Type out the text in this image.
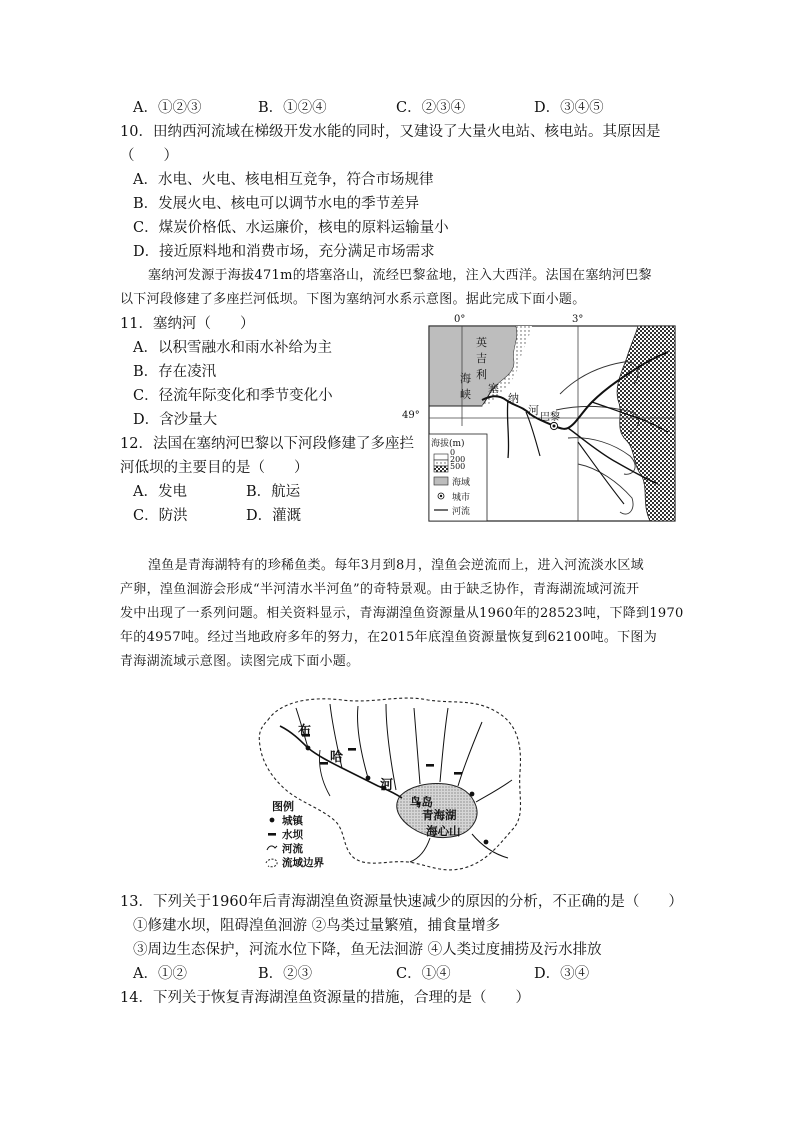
A．①②③	B．①②④	C．②③④	D．③④⑤
10．田纳西河流域在梯级开发水能的同时，又建设了大量火电站、核电站。其原因是
（　　）
A．水电、火电、核电相互竞争，符合市场规律
B．发展火电、核电可以调节水电的季节差异
C．煤炭价格低、水运廉价，核电的原料运输量小
D．接近原料地和消费市场，充分满足市场需求
塞纳河发源于海拔471m的塔塞洛山，流经巴黎盆地，注入大西洋。法国在塞纳河巴黎
以下河段修建了多座拦河低坝。下图为塞纳河水系示意图。据此完成下面小题。
11．塞纳河（　　）
A．以积雪融水和雨水补给为主
B．存在凌汛
C．径流年际变化和季节变化小
D．含沙量大
12．法国在塞纳河巴黎以下河段修建了多座拦
河低坝的主要目的是（　　）
A．发电	B．航运
C．防洪	D．灌溉
0°	3°
49°
英
吉
利
海
峡 塞
纳
河
巴黎
海拔(m)
0
200
500
海域
城市
河流
湟鱼是青海湖特有的珍稀鱼类。每年3月到8月，湟鱼会逆流而上，进入河流淡水区域
产卵，湟鱼洄游会形成“半河清水半河鱼”的奇特景观。由于缺乏协作，青海湖流域河流开
发中出现了一系列问题。相关资料显示，青海湖湟鱼资源量从1960年的28523吨，下降到1970
年的4957吨。经过当地政府多年的努力，在2015年底湟鱼资源量恢复到62100吨。下图为
青海湖流域示意图。读图完成下面小题。
布
哈
河
鸟岛
青海湖
海心山
图例
城镇
水坝
河流
流域边界
13．下列关于1960年后青海湖湟鱼资源量快速减少的原因的分析，不正确的是（　　）
①修建水坝，阻碍湟鱼洄游 ②鸟类过量繁殖，捕食量增多
③周边生态保护，河流水位下降，鱼无法洄游 ④人类过度捕捞及污水排放
A．①②	B．②③	C．①④	D．③④
14．下列关于恢复青海湖湟鱼资源量的措施，合理的是（　　）
